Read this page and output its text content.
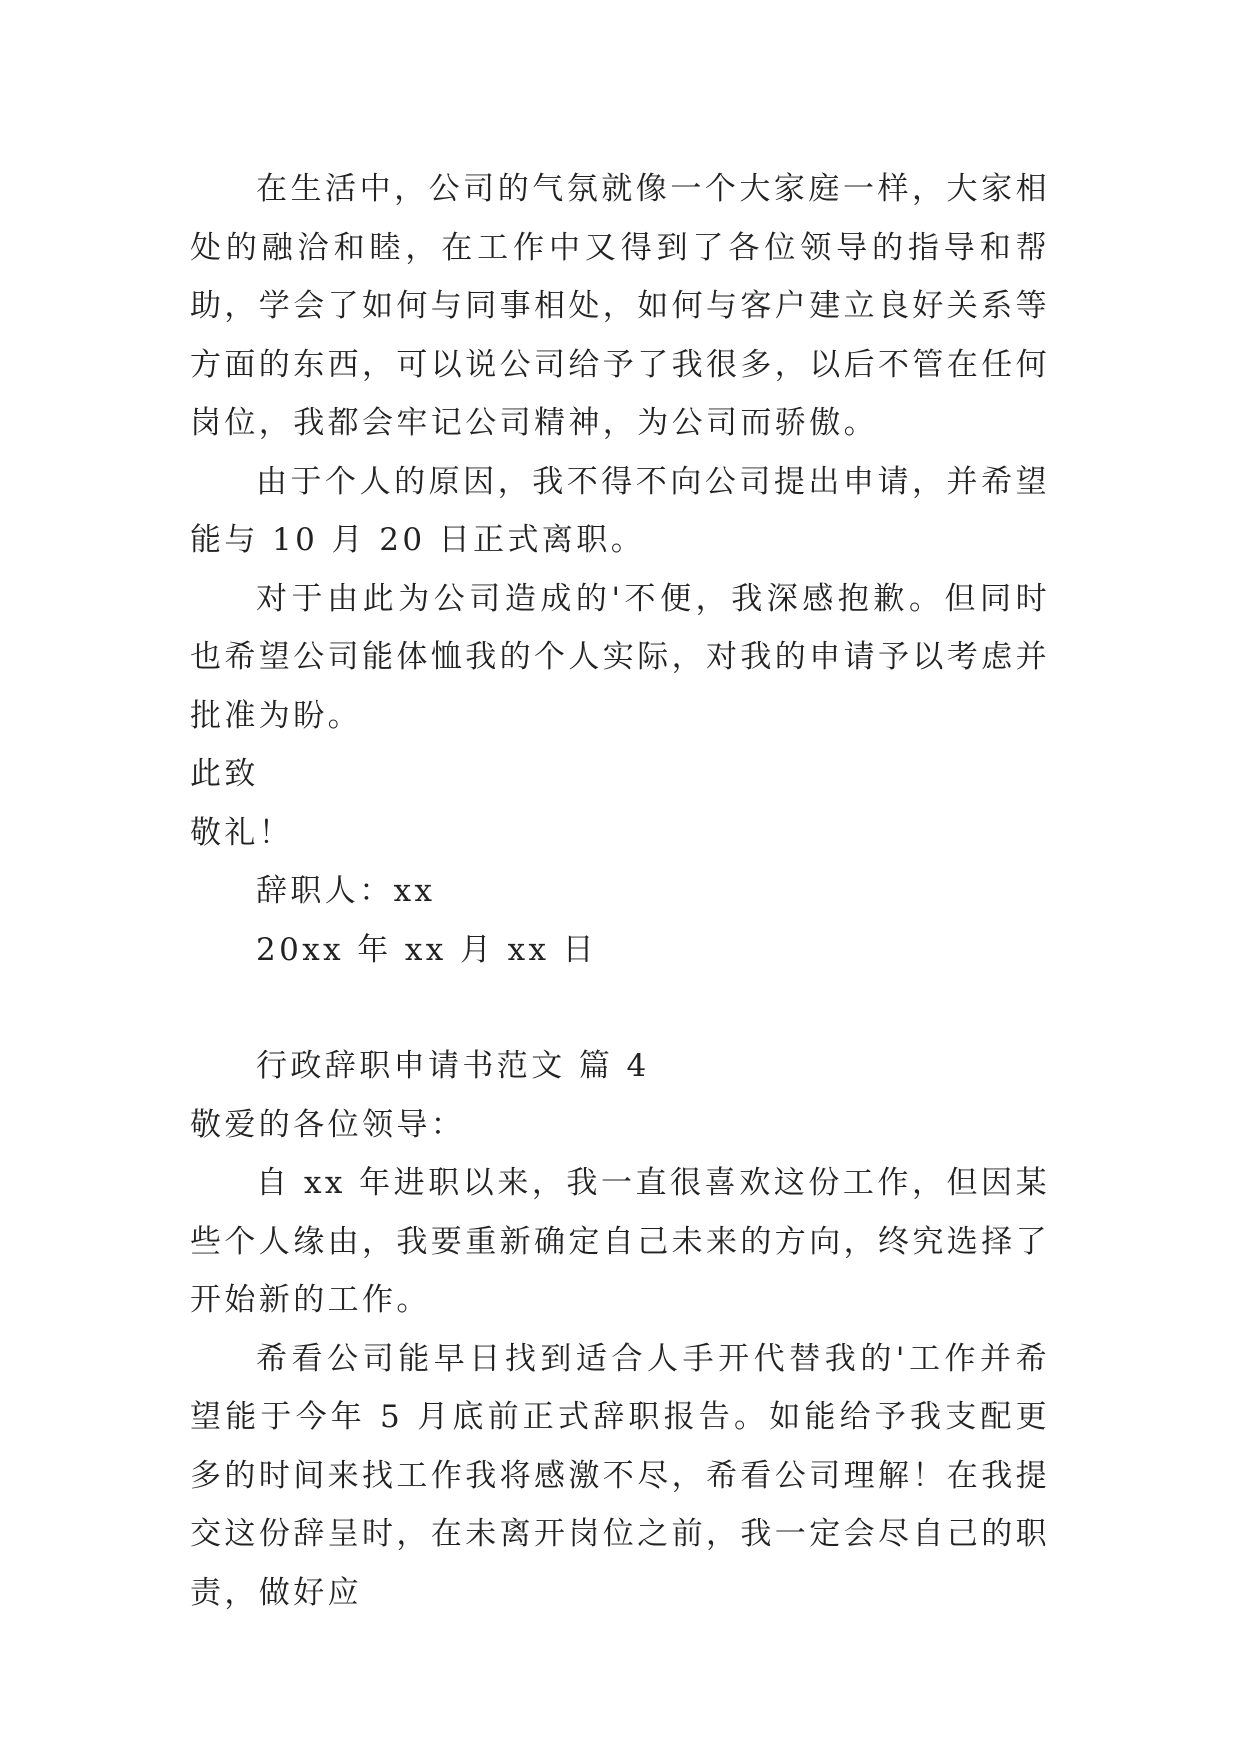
在生活中，公司的气氛就像一个大家庭一样，大家相处的融洽和睦，在工作中又得到了各位领导的指导和帮助，学会了如何与同事相处，如何与客户建立良好关系等方面的东西，可以说公司给予了我很多，以后不管在任何岗位，我都会牢记公司精神，为公司而骄傲。

由于个人的原因，我不得不向公司提出申请，并希望能与 10 月 20 日正式离职。

对于由此为公司造成的'不便，我深感抱歉。但同时也希望公司能体恤我的个人实际，对我的申请予以考虑并批准为盼。

此致

敬礼！

辞职人：xx

20xx 年 xx 月 xx 日

行政辞职申请书范文 篇 4

敬爱的各位领导：

自 xx 年进职以来，我一直很喜欢这份工作，但因某些个人缘由，我要重新确定自己未来的方向，终究选择了开始新的工作。

希看公司能早日找到适合人手开代替我的'工作并希望能于今年 5 月底前正式辞职报告。如能给予我支配更多的时间来找工作我将感激不尽，希看公司理解！在我提交这份辞呈时，在未离开岗位之前，我一定会尽自己的职责，做好应
